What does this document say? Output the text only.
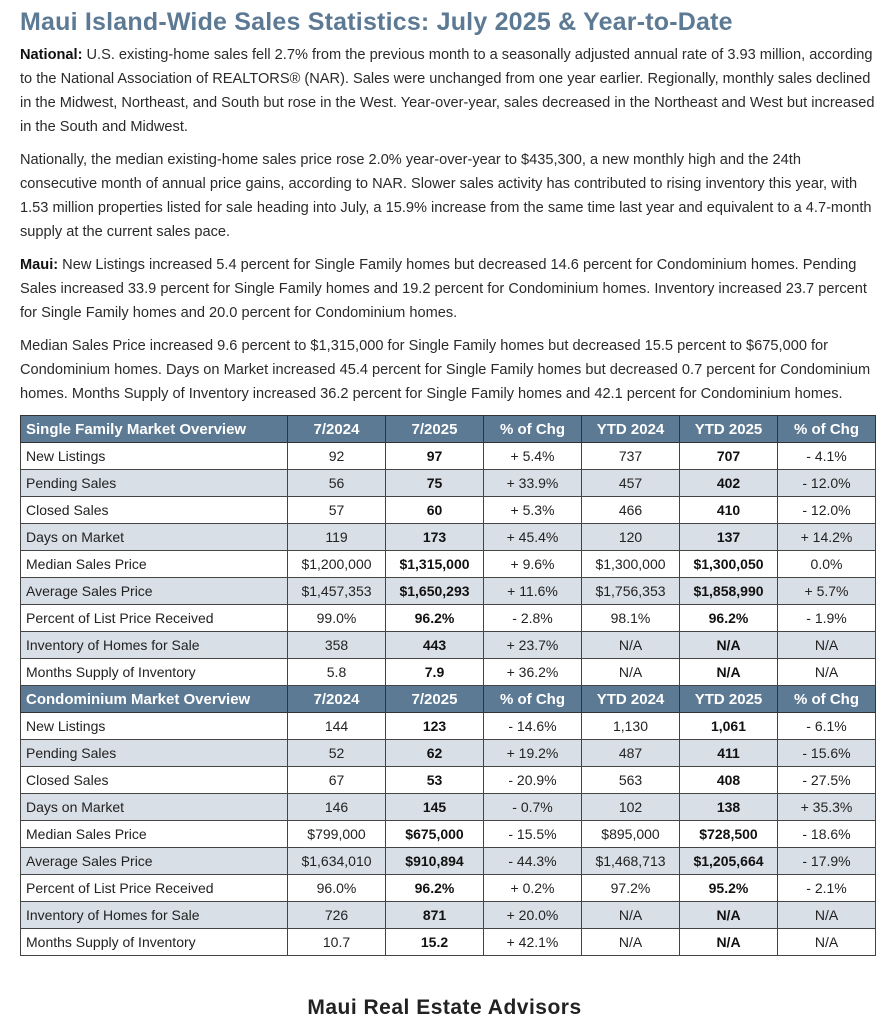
Maui Island-Wide Sales Statistics: July 2025 & Year-to-Date

National: U.S. existing-home sales fell 2.7% from the previous month to a seasonally adjusted annual rate of 3.93 million, according to the National Association of REALTORS® (NAR). Sales were unchanged from one year earlier. Regionally, monthly sales declined in the Midwest, Northeast, and South but rose in the West. Year-over-year, sales decreased in the Northeast and West but increased in the South and Midwest.

Nationally, the median existing-home sales price rose 2.0% year-over-year to $435,300, a new monthly high and the 24th consecutive month of annual price gains, according to NAR. Slower sales activity has contributed to rising inventory this year, with 1.53 million properties listed for sale heading into July, a 15.9% increase from the same time last year and equivalent to a 4.7-month supply at the current sales pace.

Maui: New Listings increased 5.4 percent for Single Family homes but decreased 14.6 percent for Condominium homes. Pending Sales increased 33.9 percent for Single Family homes and 19.2 percent for Condominium homes. Inventory increased 23.7 percent for Single Family homes and 20.0 percent for Condominium homes.

Median Sales Price increased 9.6 percent to $1,315,000 for Single Family homes but decreased 15.5 percent to $675,000 for Condominium homes. Days on Market increased 45.4 percent for Single Family homes but decreased 0.7 percent for Condominium homes. Months Supply of Inventory increased 36.2 percent for Single Family homes and 42.1 percent for Condominium homes.

Single Family Market Overview	7/2024	7/2025	% of Chg	YTD 2024	YTD 2025	% of Chg
New Listings	92	97	+ 5.4%	737	707	- 4.1%
Pending Sales	56	75	+ 33.9%	457	402	- 12.0%
Closed Sales	57	60	+ 5.3%	466	410	- 12.0%
Days on Market	119	173	+ 45.4%	120	137	+ 14.2%
Median Sales Price	$1,200,000	$1,315,000	+ 9.6%	$1,300,000	$1,300,050	0.0%
Average Sales Price	$1,457,353	$1,650,293	+ 11.6%	$1,756,353	$1,858,990	+ 5.7%
Percent of List Price Received	99.0%	96.2%	- 2.8%	98.1%	96.2%	- 1.9%
Inventory of Homes for Sale	358	443	+ 23.7%	N/A	N/A	N/A
Months Supply of Inventory	5.8	7.9	+ 36.2%	N/A	N/A	N/A
Condominium Market Overview	7/2024	7/2025	% of Chg	YTD 2024	YTD 2025	% of Chg
New Listings	144	123	- 14.6%	1,130	1,061	- 6.1%
Pending Sales	52	62	+ 19.2%	487	411	- 15.6%
Closed Sales	67	53	- 20.9%	563	408	- 27.5%
Days on Market	146	145	- 0.7%	102	138	+ 35.3%
Median Sales Price	$799,000	$675,000	- 15.5%	$895,000	$728,500	- 18.6%
Average Sales Price	$1,634,010	$910,894	- 44.3%	$1,468,713	$1,205,664	- 17.9%
Percent of List Price Received	96.0%	96.2%	+ 0.2%	97.2%	95.2%	- 2.1%
Inventory of Homes for Sale	726	871	+ 20.0%	N/A	N/A	N/A
Months Supply of Inventory	10.7	15.2	+ 42.1%	N/A	N/A	N/A
Maui Real Estate Advisors
